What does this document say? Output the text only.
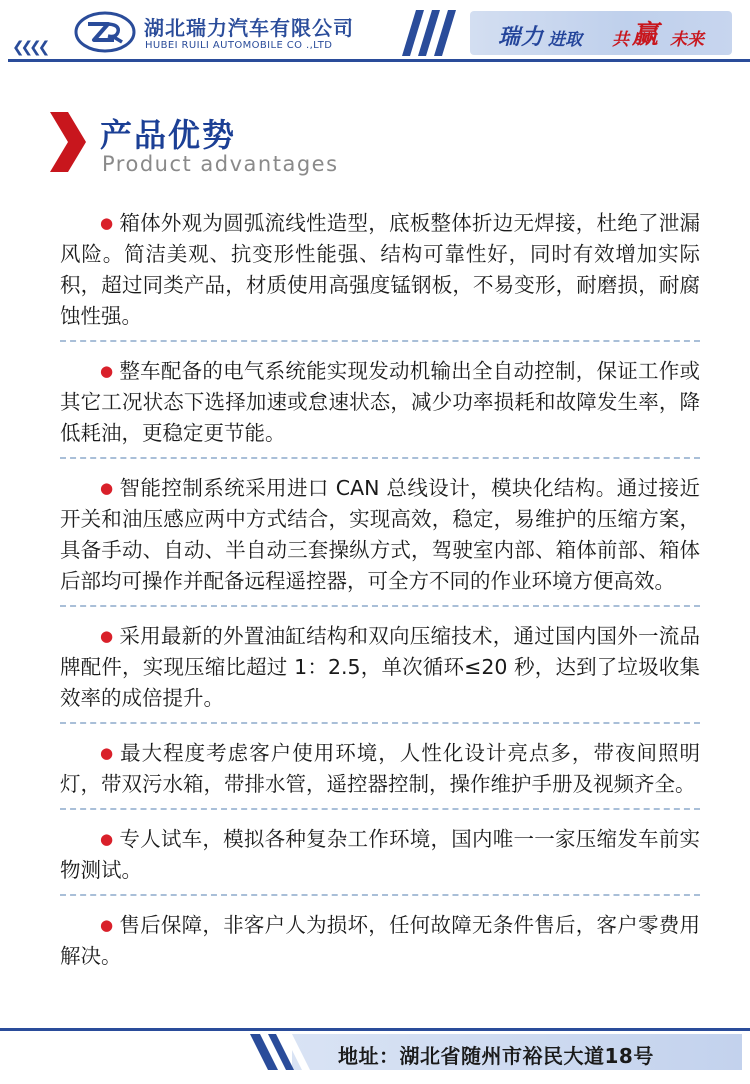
❮❮❮❮
湖北瑞力汽车有限公司
HUBEI RUILI AUTOMOBILE CO .,LTD	瑞力 进取 共 赢 未来
产品优势
Product advantages

● 箱体外观为圆弧流线性造型，底板整体折边无焊接，杜绝了泄漏风险。简洁美观、抗变形性能强、结构可靠性好，同时有效增加实际积，超过同类产品，材质使用高强度锰钢板，不易变形，耐磨损，耐腐蚀性强。

● 整车配备的电气系统能实现发动机输出全自动控制，保证工作或其它工况状态下选择加速或怠速状态，减少功率损耗和故障发生率，降低耗油，更稳定更节能。

● 智能控制系统采用进口 CAN 总线设计，模块化结构。通过接近开关和油压感应两中方式结合，实现高效，稳定，易维护的压缩方案，具备手动、自动、半自动三套操纵方式，驾驶室内部、箱体前部、箱体后部均可操作并配备远程遥控器，可全方不同的作业环境方便高效。

● 采用最新的外置油缸结构和双向压缩技术，通过国内国外一流品牌配件，实现压缩比超过 1：2.5，单次循环≤20 秒，达到了垃圾收集效率的成倍提升。

● 最大程度考虑客户使用环境，人性化设计亮点多，带夜间照明灯，带双污水箱，带排水管，遥控器控制，操作维护手册及视频齐全。

● 专人试车，模拟各种复杂工作环境，国内唯一一家压缩发车前实物测试。

● 售后保障，非客户人为损坏，任何故障无条件售后，客户零费用解决。

地址：湖北省随州市裕民大道18号
